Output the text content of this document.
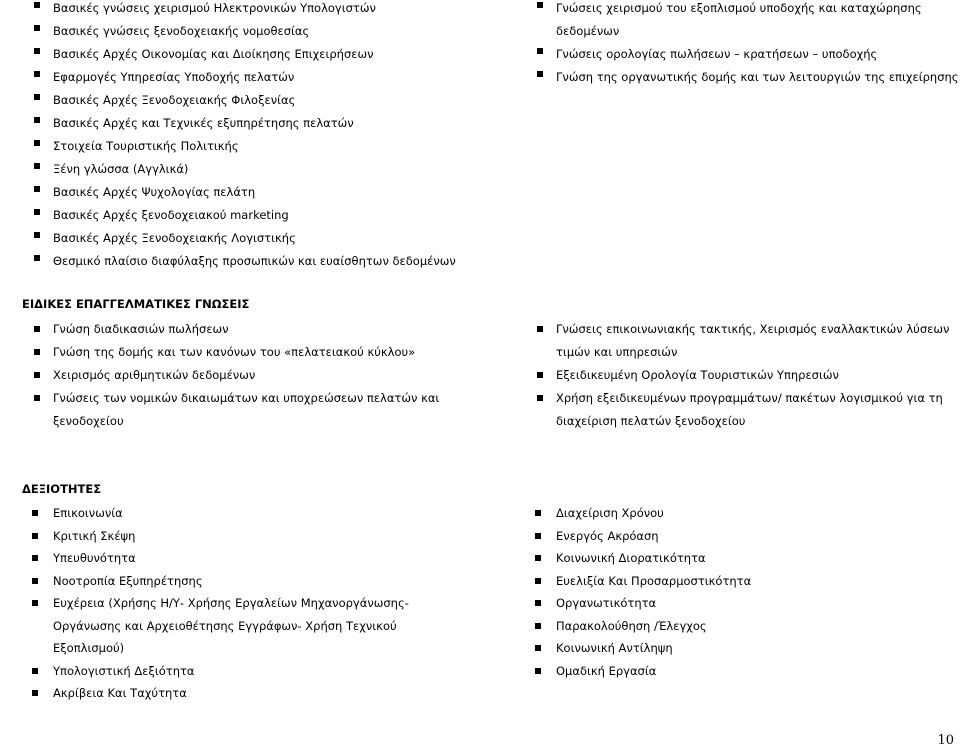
Βασικές γνώσεις χειρισμού Ηλεκτρονικών Υπολογιστών
Βασικές γνώσεις ξενοδοχειακής νομοθεσίας
Βασικές Αρχές Οικονομίας και Διοίκησης Επιχειρήσεων
Εφαρμογές Υπηρεσίας Υποδοχής πελατών
Βασικές Αρχές Ξενοδοχειακής Φιλοξενίας
Βασικές Αρχές και Τεχνικές εξυπηρέτησης πελατών
Στοιχεία Τουριστικής Πολιτικής
Ξένη γλώσσα (Αγγλικά)
Βασικές Αρχές Ψυχολογίας πελάτη
Βασικές Αρχές ξενοδοχειακού marketing
Βασικές Αρχές Ξενοδοχειακής Λογιστικής
Θεσμικό πλαίσιο διαφύλαξης προσωπικών και ευαίσθητων δεδομένων
Γνώσεις χειρισμού του εξοπλισμού υποδοχής και καταχώρησης
δεδομένων
Γνώσεις ορολογίας πωλήσεων – κρατήσεων – υποδοχής
Γνώση της οργανωτικής δομής και των λειτουργιών της επιχείρησης
ΕΙΔΙΚΕΣ ΕΠΑΓΓΕΛΜΑΤΙΚΕΣ ΓΝΩΣΕΙΣ
Γνώση διαδικασιών πωλήσεων
Γνώση της δομής και των κανόνων του «πελατειακού κύκλου»
Χειρισμός αριθμητικών δεδομένων
Γνώσεις των νομικών δικαιωμάτων και υποχρεώσεων πελατών και
ξενοδοχείου
Γνώσεις επικοινωνιακής τακτικής, Χειρισμός εναλλακτικών λύσεων
τιμών και υπηρεσιών
Εξειδικευμένη Ορολογία Τουριστικών Υπηρεσιών
Χρήση εξειδικευμένων προγραμμάτων/ πακέτων λογισμικού για τη
διαχείριση πελατών ξενοδοχείου
ΔΕΞΙΟΤΗΤΕΣ
Επικοινωνία
Κριτική Σκέψη
Υπευθυνότητα
Νοοτροπία Εξυπηρέτησης
Ευχέρεια (Χρήσης Η/Υ- Χρήσης Εργαλείων Μηχανοργάνωσης-
Οργάνωσης και Αρχειοθέτησης Εγγράφων- Χρήση Τεχνικού
Εξοπλισμού)
Υπολογιστική Δεξιότητα
Ακρίβεια Και Ταχύτητα
Διαχείριση Χρόνου
Ενεργός Ακρόαση
Κοινωνική Διορατικότητα
Ευελιξία Και Προσαρμοστικότητα
Οργανωτικότητα
Παρακολούθηση /Έλεγχος
Κοινωνική Αντίληψη
Ομαδική Εργασία
10
